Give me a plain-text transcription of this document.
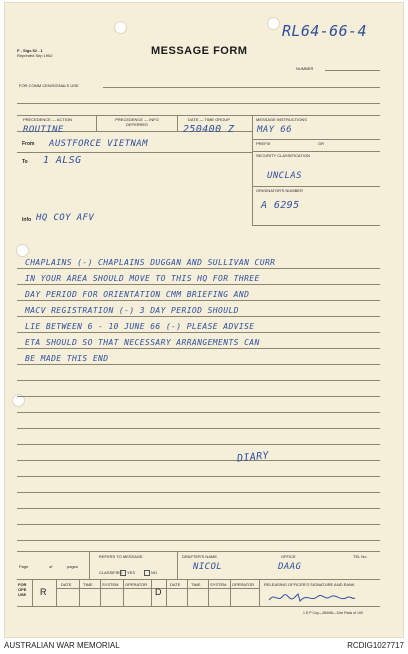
F - Sigs 52 - 1
Reprinted Sep 1962	MESSAGE FORM
RL64-66-4
NUMBER
FOR COMM CEN/SIGNALS USE
PRECEDENCE — ACTION	PRECEDENCE — INFO DEFERRED
DATE — TIME GROUP	MESSAGE INSTRUCTIONS
ROUTINE	250400 Z	MAY 66
From AUSTFORCE VIETNAM
To 1 ALSG
PREFIX	GR
SECURITY CLASSIFICATION
UNCLAS
ORIGINATOR'S NUMBER
A 6295
Info HQ COY AFV
CHAPLAINS (-) CHAPLAINS DUGGAN AND SULLIVAN CURR
IN YOUR AREA SHOULD MOVE TO THIS HQ FOR THREE
DAY PERIOD FOR ORIENTATION CMM BRIEFING AND
MACV REGISTRATION (-) 3 DAY PERIOD SHOULD
LIE BETWEEN 6 - 10 JUNE 66 (-) PLEASE ADVISE
ETA SHOULD SO THAT NECESSARY ARRANGEMENTS CAN
BE MADE THIS END
DIARY
Page	of	pages
REFERS TO MESSAGE
CLASSIFIED YES	NO
DRAFTER'S NAME
NICOL
OFFICE
DAAG
TEL No
FOR OPE USE	R
DATE	TIME SYSTEM OPERATOR
D
DATE	TIME SYSTEM OPERATOR RELEASING OFFICER'S SIGNATURE AND RANK
1 S P Coy—284/66—10m Pads of 100
AUSTRALIAN WAR MEMORIAL	RCDIG1027717
